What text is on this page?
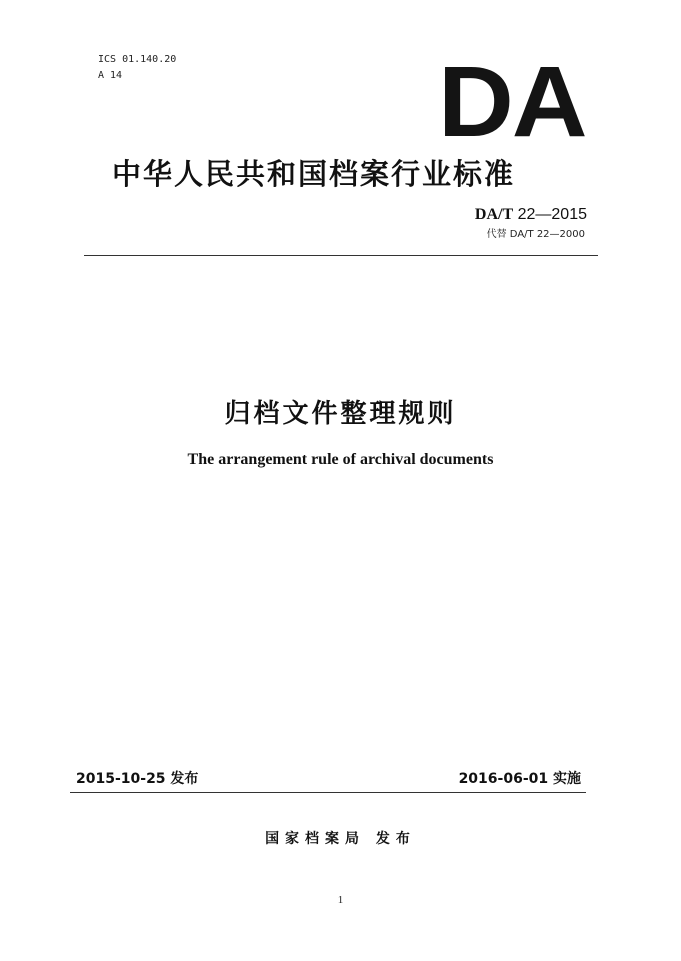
ICS 01.140.20
A 14	DA
中华人民共和国档案行业标准
DA/T 22—2015
代替 DA/T 22—2000
归档文件整理规则
The arrangement rule of archival documents
2015-10-25 发布	2016-06-01 实施
国家档案局 发布
1
